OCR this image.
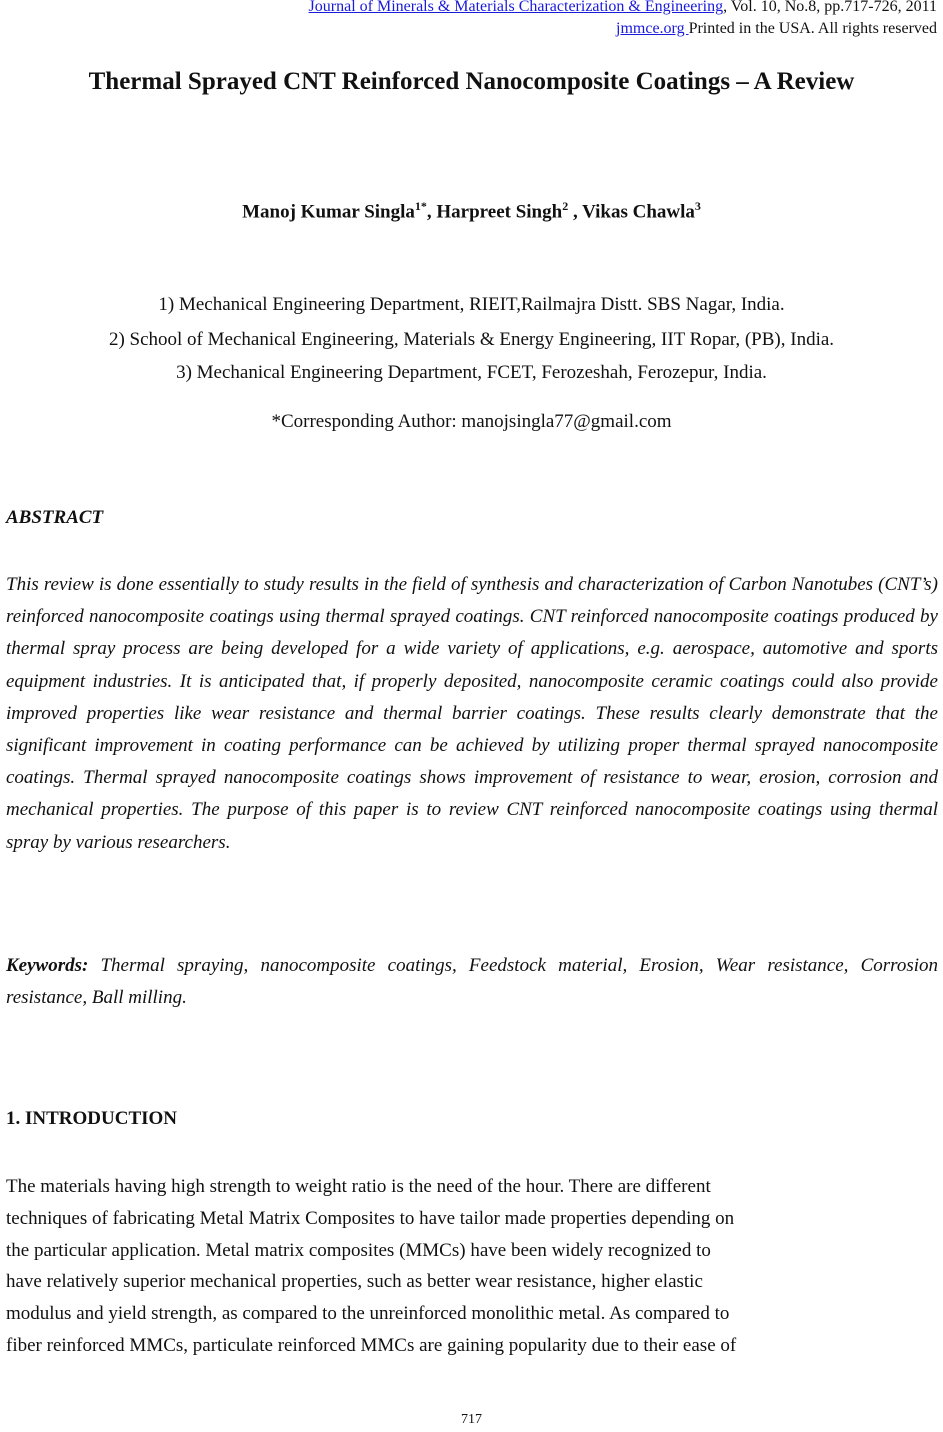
Journal of Minerals & Materials Characterization & Engineering, Vol. 10, No.8, pp.717-726, 2011
jmmce.org Printed in the USA. All rights reserved
Thermal Sprayed CNT Reinforced Nanocomposite Coatings – A Review
Manoj Kumar Singla$^{1*}$, Harpreet Singh$^2$ , Vikas Chawla$^3$
1) Mechanical Engineering Department, RIEIT,Railmajra Distt. SBS Nagar, India.
2) School of Mechanical Engineering, Materials & Energy Engineering, IIT Ropar, (PB), India.
3) Mechanical Engineering Department, FCET, Ferozeshah, Ferozepur, India.
*Corresponding Author: manojsingla77@gmail.com
ABSTRACT
This review is done essentially to study results in the field of synthesis and characterization of Carbon Nanotubes (CNT’s) reinforced nanocomposite coatings using thermal sprayed coatings. CNT reinforced nanocomposite coatings produced by thermal spray process are being developed for a wide variety of applications, e.g. aerospace, automotive and sports equipment industries. It is anticipated that, if properly deposited, nanocomposite ceramic coatings could also provide improved properties like wear resistance and thermal barrier coatings. These results clearly demonstrate that the significant improvement in coating performance can be achieved by utilizing proper thermal sprayed nanocomposite coatings. Thermal sprayed nanocomposite coatings shows improvement of resistance to wear, erosion, corrosion and mechanical properties. The purpose of this paper is to review CNT reinforced nanocomposite coatings using thermal spray by various researchers.
Keywords: Thermal spraying, nanocomposite coatings, Feedstock material, Erosion, Wear resistance, Corrosion resistance, Ball milling.
1. INTRODUCTION
The materials having high strength to weight ratio is the need of the hour. There are different
techniques of fabricating Metal Matrix Composites to have tailor made properties depending on
the particular application. Metal matrix composites (MMCs) have been widely recognized to
have relatively superior mechanical properties, such as better wear resistance, higher elastic
modulus and yield strength, as compared to the unreinforced monolithic metal. As compared to
fiber reinforced MMCs, particulate reinforced MMCs are gaining popularity due to their ease of
717
